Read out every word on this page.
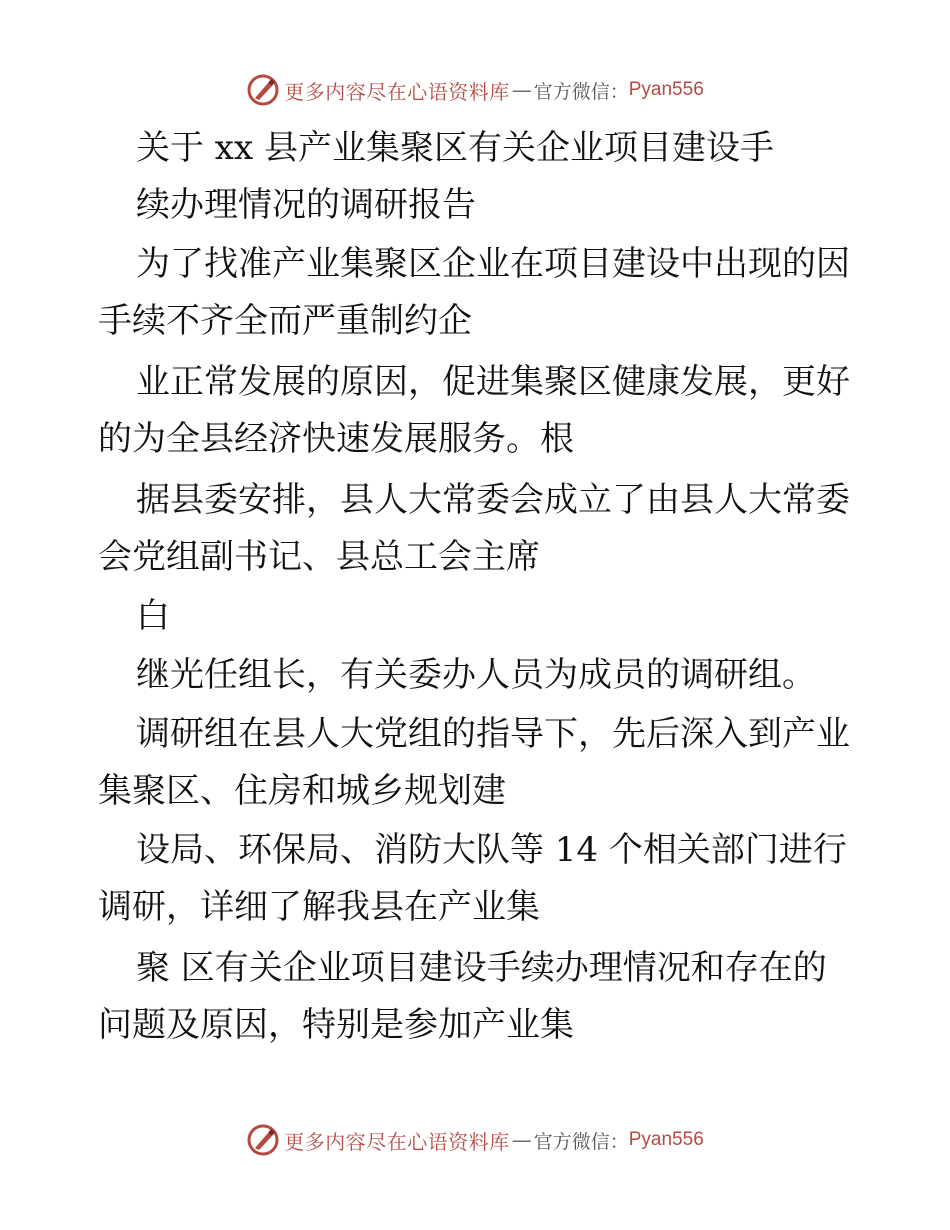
更多内容尽在心语资料库 — 官方微信： Pyan556
关于 xx 县产业集聚区有关企业项目建设手
续办理情况的调研报告
为了找准产业集聚区企业在项目建设中出现的因
手续不齐全而严重制约企
业正常发展的原因，促进集聚区健康发展，更好
的为全县经济快速发展服务。根
据县委安排，县人大常委会成立了由县人大常委
会党组副书记、县总工会主席
白
继光任组长，有关委办人员为成员的调研组。
调研组在县人大党组的指导下，先后深入到产业
集聚区、住房和城乡规划建
设局、环保局、消防大队等 14 个相关部门进行
调研，详细了解我县在产业集
聚 区有关企业项目建设手续办理情况和存在的
问题及原因，特别是参加产业集
更多内容尽在心语资料库 — 官方微信： Pyan556
